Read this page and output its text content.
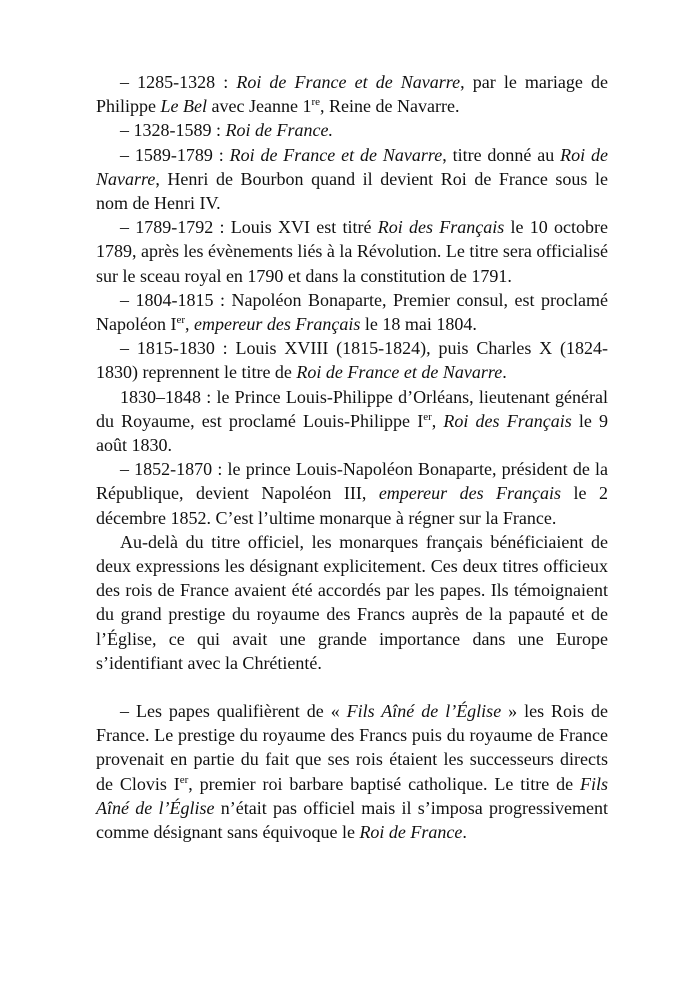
– 1285-1328 : Roi de France et de Navarre, par le mariage de Philippe Le Bel avec Jeanne 1re, Reine de Navarre.

– 1328-1589 : Roi de France.

– 1589-1789 : Roi de France et de Navarre, titre donné au Roi de Navarre, Henri de Bourbon quand il devient Roi de France sous le nom de Henri IV.

– 1789-1792 : Louis XVI est titré Roi des Français le 10 octobre 1789, après les évènements liés à la Révolution. Le titre sera officialisé sur le sceau royal en 1790 et dans la constitution de 1791.

– 1804-1815 : Napoléon Bonaparte, Premier consul, est proclamé Napoléon Ier, empereur des Français le 18 mai 1804.

– 1815-1830 : Louis XVIII (1815-1824), puis Charles X (1824-1830) reprennent le titre de Roi de France et de Navarre.

1830–1848 : le Prince Louis-Philippe d’Orléans, lieutenant général du Royaume, est proclamé Louis-Philippe Ier, Roi des Français le 9 août 1830.

– 1852-1870 : le prince Louis-Napoléon Bonaparte, président de la République, devient Napoléon III, empereur des Français le 2 décembre 1852. C’est l’ultime monarque à régner sur la France.

Au-delà du titre officiel, les monarques français bénéficiaient de deux expressions les désignant explicitement. Ces deux titres officieux des rois de France avaient été accordés par les papes. Ils témoignaient du grand prestige du royaume des Francs auprès de la papauté et de l’Église, ce qui avait une grande importance dans une Europe s’identifiant avec la Chrétienté.

– Les papes qualifièrent de « Fils Aîné de l’Église » les Rois de France. Le prestige du royaume des Francs puis du royaume de France provenait en partie du fait que ses rois étaient les successeurs directs de Clovis Ier, premier roi barbare baptisé catholique. Le titre de Fils Aîné de l’Église n’était pas officiel mais il s’imposa progressivement comme désignant sans équivoque le Roi de France.
